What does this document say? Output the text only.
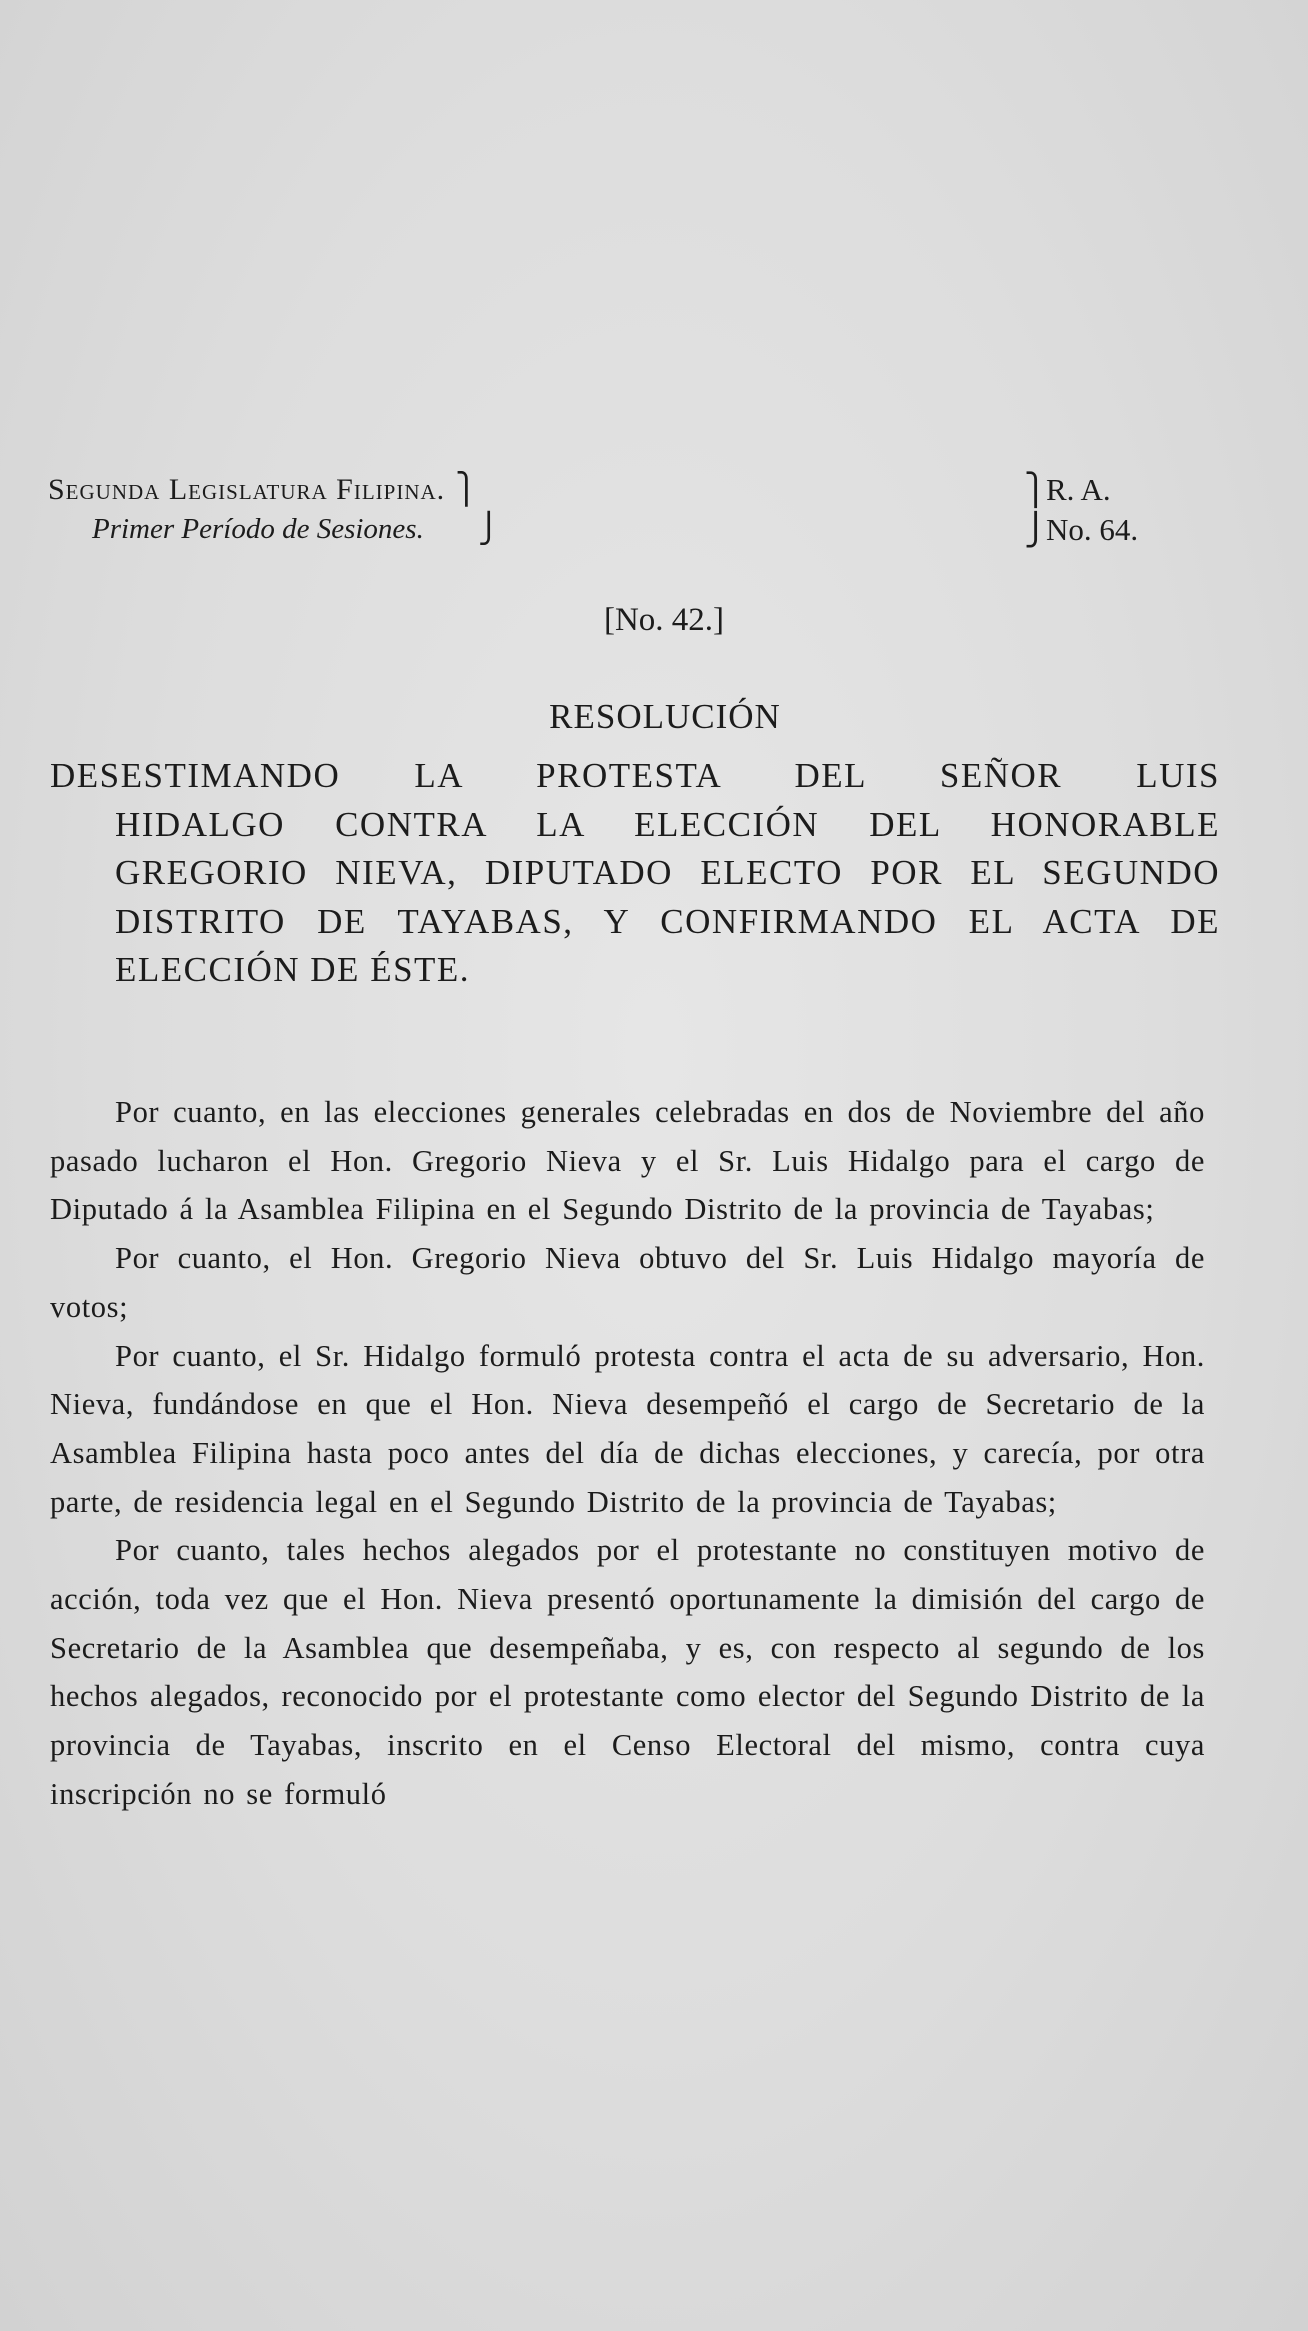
Segunda Legislatura Filipina. ⎫
Primer Período de Sesiones. ⎭
⎫R. A.
⎭No. 64.
[No. 42.]
RESOLUCIÓN
DESESTIMANDO LA PROTESTA DEL SEÑOR LUIS
HIDALGO CONTRA LA ELECCIÓN DEL HONORABLE GREGORIO NIEVA, DIPUTADO ELECTO POR EL SEGUNDO DISTRITO DE TAYABAS, Y CONFIRMANDO EL ACTA DE ELECCIÓN DE ÉSTE.

Por cuanto, en las elecciones generales celebradas en dos de Noviembre del año pasado lucharon el Hon. Gregorio Nieva y el Sr. Luis Hidalgo para el cargo de Diputado á la Asamblea Filipina en el Segundo Distrito de la provincia de Tayabas;

Por cuanto, el Hon. Gregorio Nieva obtuvo del Sr. Luis Hidalgo mayoría de votos;

Por cuanto, el Sr. Hidalgo formuló protesta contra el acta de su adversario, Hon. Nieva, fundándose en que el Hon. Nieva desempeñó el cargo de Secretario de la Asamblea Filipina hasta poco antes del día de dichas elecciones, y carecía, por otra parte, de residencia legal en el Segundo Distrito de la provincia de Tayabas;

Por cuanto, tales hechos alegados por el protestante no constituyen motivo de acción, toda vez que el Hon. Nieva presentó oportunamente la dimisión del cargo de Secretario de la Asamblea que desempeñaba, y es, con respecto al segundo de los hechos alegados, reconocido por el protestante como elector del Segundo Distrito de la provincia de Tayabas, inscrito en el Censo Electoral del mismo, contra cuya inscripción no se formuló
